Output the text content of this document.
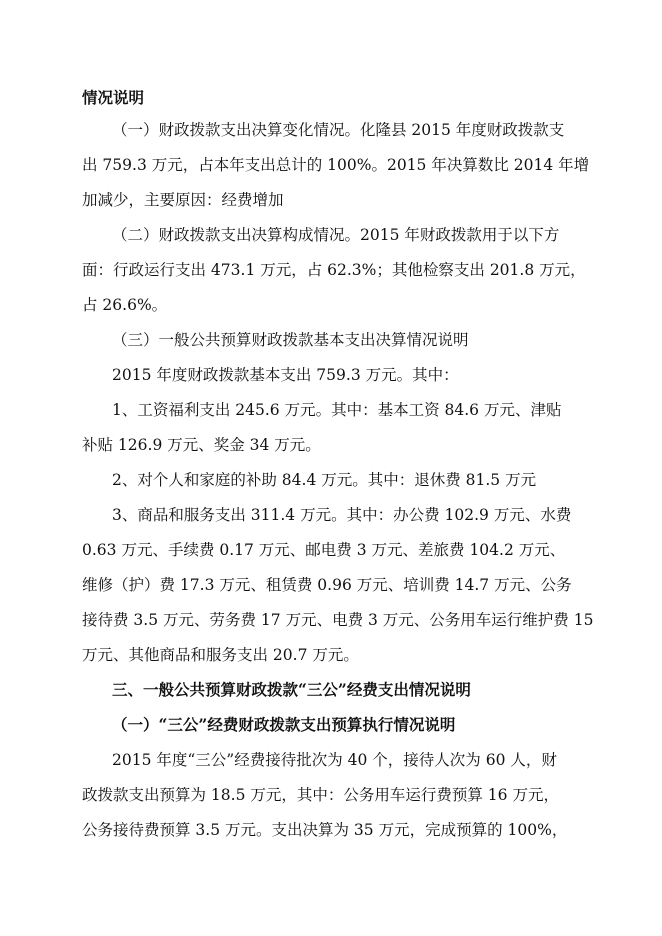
情况说明
（一）财政拨款支出决算变化情况。化隆县 2015 年度财政拨款支
出 759.3 万元，占本年支出总计的 100%。2015 年决算数比 2014 年增
加减少，主要原因：经费增加
（二）财政拨款支出决算构成情况。2015 年财政拨款用于以下方
面：行政运行支出 473.1 万元，占 62.3%；其他检察支出 201.8 万元，
占 26.6%。
（三）一般公共预算财政拨款基本支出决算情况说明
2015 年度财政拨款基本支出 759.3 万元。其中：
1、工资福利支出 245.6 万元。其中：基本工资 84.6 万元、津贴
补贴 126.9 万元、奖金 34 万元。
2、对个人和家庭的补助 84.4 万元。其中：退休费 81.5 万元
3、商品和服务支出 311.4 万元。其中：办公费 102.9 万元、水费
0.63 万元、手续费 0.17 万元、邮电费 3 万元、差旅费 104.2 万元、
维修（护）费 17.3 万元、租赁费 0.96 万元、培训费 14.7 万元、公务
接待费 3.5 万元、劳务费 17 万元、电费 3 万元、公务用车运行维护费 15
万元、其他商品和服务支出 20.7 万元。
三、一般公共预算财政拨款“三公”经费支出情况说明
（一）“三公”经费财政拨款支出预算执行情况说明
2015 年度“三公”经费接待批次为 40 个，接待人次为 60 人，财
政拨款支出预算为 18.5 万元，其中：公务用车运行费预算 16 万元，
公务接待费预算 3.5 万元。支出决算为 35 万元，完成预算的 100%，
